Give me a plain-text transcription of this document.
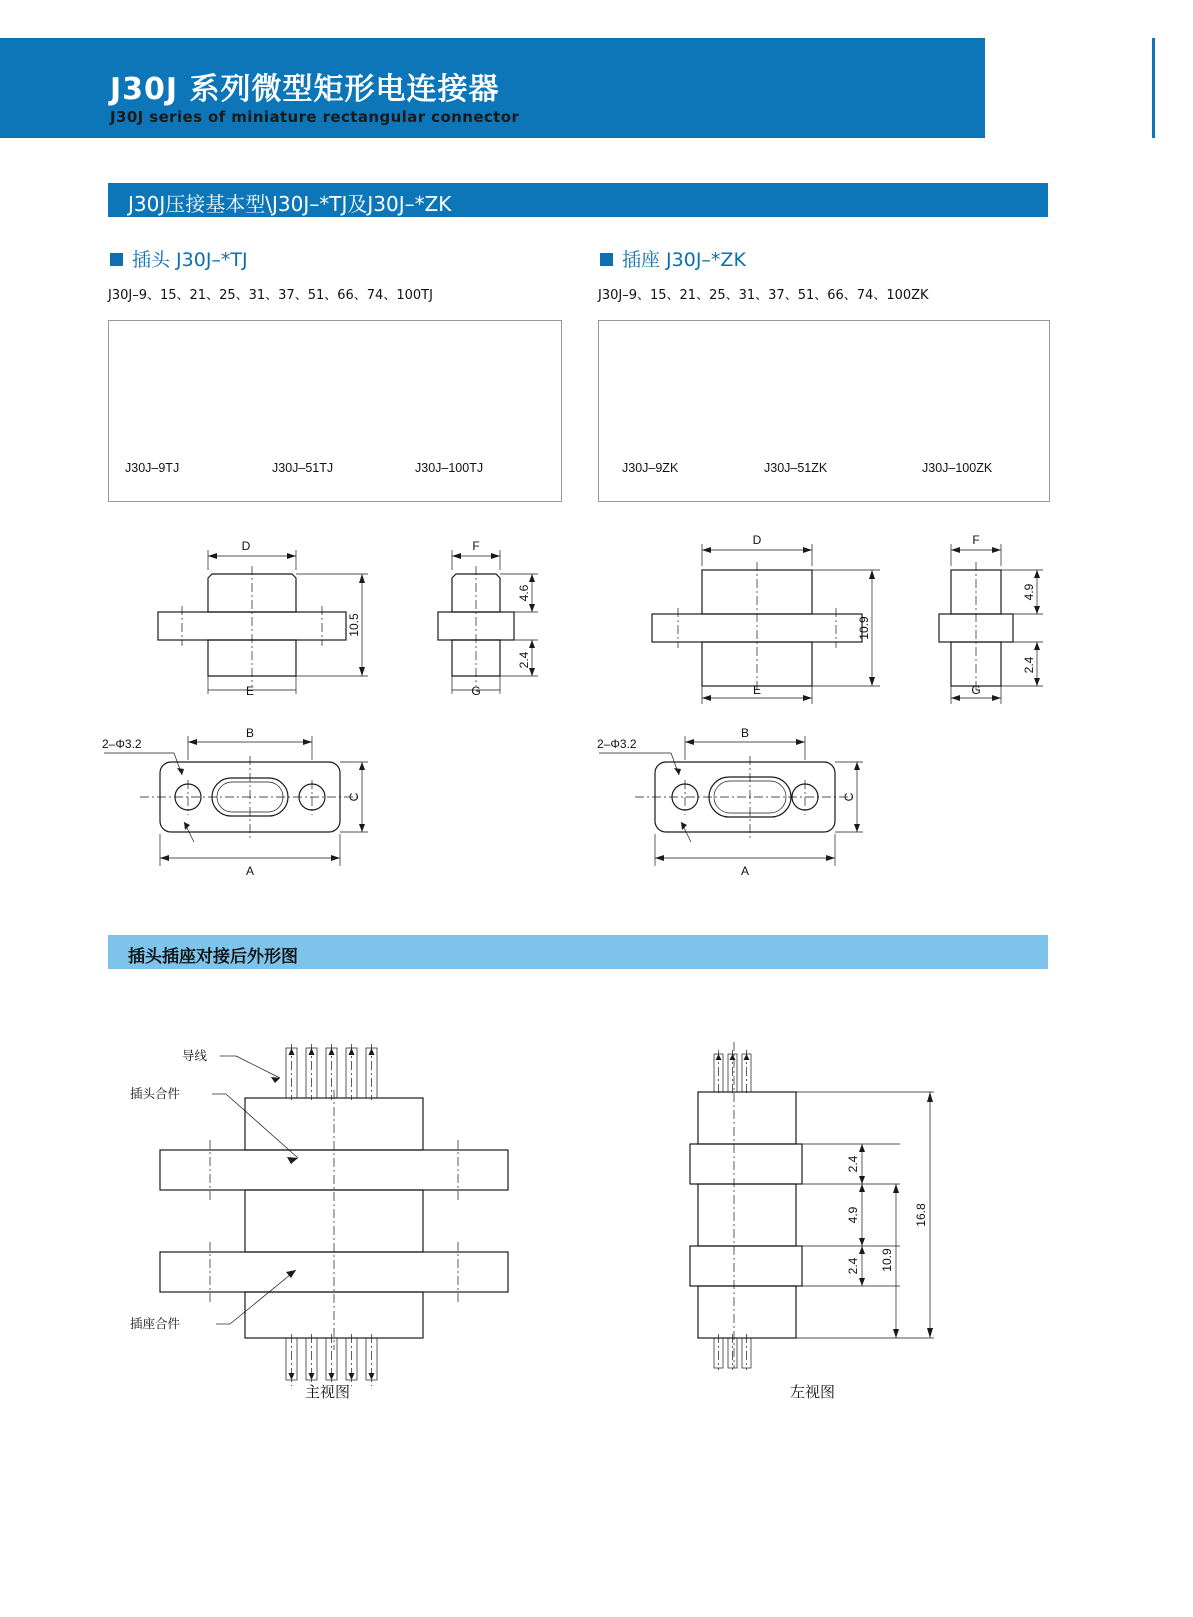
J30J 系列微型矩形电连接器
J30J series of miniature rectangular connector
J30J压接基本型\J30J–*TJ及J30J–*ZK
插头 J30J–*TJ
J30J–9、15、21、25、31、37、51、66、74、100TJ
插座 J30J–*ZK
J30J–9、15、21、25、31、37、51、66、74、100ZK
J30J–9TJ	J30J–51TJ	J30J–100TJ	J30J–9ZK	J30J–51ZK	J30J–100ZK
D
E
10.5
F
G
4.6
2.4
2–Φ3.2
B
C
A
D
E
10.9
F
G
4.9
2.4
2–Φ3.2
B
C
A
插头插座对接后外形图
导线
插头合件
插座合件
2.4
4.9
2.4 10.9
16.8
主视图	左视图
